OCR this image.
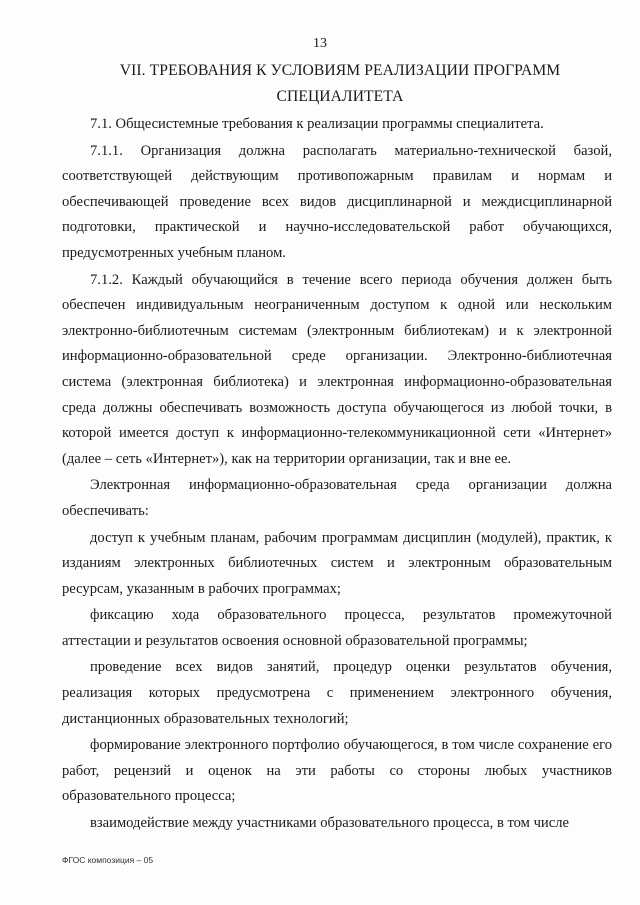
13
VII. ТРЕБОВАНИЯ К УСЛОВИЯМ РЕАЛИЗАЦИИ ПРОГРАММ
СПЕЦИАЛИТЕТА

7.1. Общесистемные требования к реализации программы специалитета.

7.1.1. Организация должна располагать материально-технической базой, соответствующей действующим противопожарным правилам и нормам и обеспечивающей проведение всех видов дисциплинарной и междисциплинарной подготовки, практической и научно-исследовательской работ обучающихся, предусмотренных учебным планом.

7.1.2. Каждый обучающийся в течение всего периода обучения должен быть обеспечен индивидуальным неограниченным доступом к одной или нескольким электронно-библиотечным системам (электронным библиотекам) и к электронной информационно-образовательной среде организации. Электронно-библиотечная система (электронная библиотека) и электронная информационно-образовательная среда должны обеспечивать возможность доступа обучающегося из любой точки, в которой имеется доступ к информационно-телекоммуникационной сети «Интернет» (далее – сеть «Интернет»), как на территории организации, так и вне ее.

Электронная информационно-образовательная среда организации должна обеспечивать:

доступ к учебным планам, рабочим программам дисциплин (модулей), практик, к изданиям электронных библиотечных систем и электронным образовательным ресурсам, указанным в рабочих программах;

фиксацию хода образовательного процесса, результатов промежуточной аттестации и результатов освоения основной образовательной программы;

проведение всех видов занятий, процедур оценки результатов обучения, реализация которых предусмотрена с применением электронного обучения, дистанционных образовательных технологий;

формирование электронного портфолио обучающегося, в том числе сохранение его работ, рецензий и оценок на эти работы со стороны любых участников образовательного процесса;

взаимодействие между участниками образовательного процесса, в том числе

ФГОС композиция – 05
